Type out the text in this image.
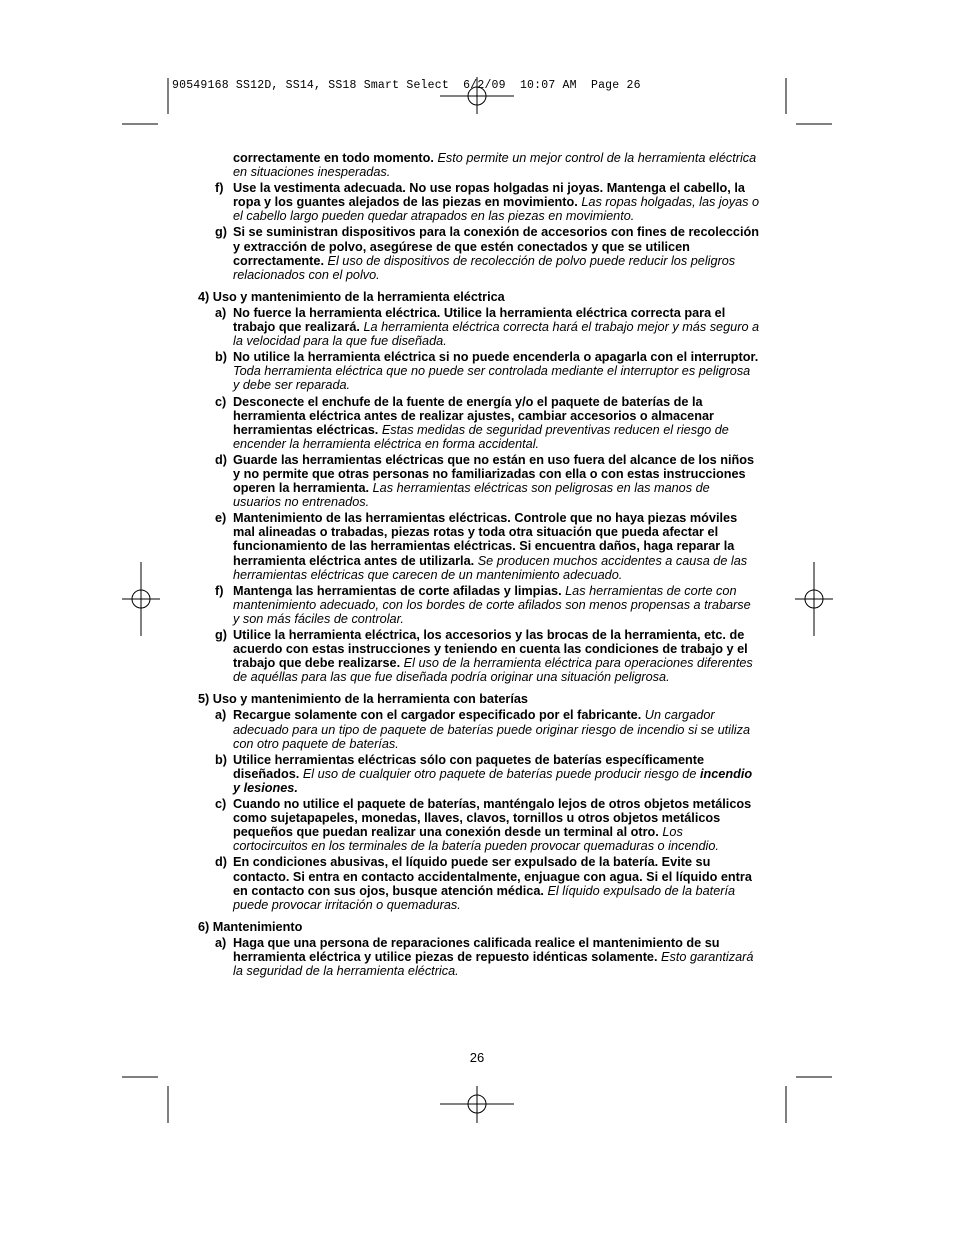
90549168 SS12D, SS14, SS18 Smart Select  6/2/09  10:07 AM  Page 26
correctamente en todo momento. Esto permite un mejor control de la herramienta eléctrica en situaciones inesperadas.
f) Use la vestimenta adecuada. No use ropas holgadas ni joyas. Mantenga el cabello, la ropa y los guantes alejados de las piezas en movimiento. Las ropas holgadas, las joyas o el cabello largo pueden quedar atrapados en las piezas en movimiento.
g) Si se suministran dispositivos para la conexión de accesorios con fines de recolección y extracción de polvo, asegúrese de que estén conectados y que se utilicen correctamente. El uso de dispositivos de recolección de polvo puede reducir los peligros relacionados con el polvo.
4) Uso y mantenimiento de la herramienta eléctrica
a) No fuerce la herramienta eléctrica. Utilice la herramienta eléctrica correcta para el trabajo que realizará. La herramienta eléctrica correcta hará el trabajo mejor y más seguro a la velocidad para la que fue diseñada.
b) No utilice la herramienta eléctrica si no puede encenderla o apagarla con el interruptor. Toda herramienta eléctrica que no puede ser controlada mediante el interruptor es peligrosa y debe ser reparada.
c) Desconecte el enchufe de la fuente de energía y/o el paquete de baterías de la herramienta eléctrica antes de realizar ajustes, cambiar accesorios o almacenar herramientas eléctricas. Estas medidas de seguridad preventivas reducen el riesgo de encender la herramienta eléctrica en forma accidental.
d) Guarde las herramientas eléctricas que no están en uso fuera del alcance de los niños y no permite que otras personas no familiarizadas con ella o con estas instrucciones operen la herramienta. Las herramientas eléctricas son peligrosas en las manos de usuarios no entrenados.
e) Mantenimiento de las herramientas eléctricas. Controle que no haya piezas móviles mal alineadas o trabadas, piezas rotas y toda otra situación que pueda afectar el funcionamiento de las herramientas eléctricas. Si encuentra daños, haga reparar la herramienta eléctrica antes de utilizarla. Se producen muchos accidentes a causa de las herramientas eléctricas que carecen de un mantenimiento adecuado.
f) Mantenga las herramientas de corte afiladas y limpias. Las herramientas de corte con mantenimiento adecuado, con los bordes de corte afilados son menos propensas a trabarse y son más fáciles de controlar.
g) Utilice la herramienta eléctrica, los accesorios y las brocas de la herramienta, etc. de acuerdo con estas instrucciones y teniendo en cuenta las condiciones de trabajo y el trabajo que debe realizarse. El uso de la herramienta eléctrica para operaciones diferentes de aquéllas para las que fue diseñada podría originar una situación peligrosa.
5) Uso y mantenimiento de la herramienta con baterías
a) Recargue solamente con el cargador especificado por el fabricante. Un cargador adecuado para un tipo de paquete de baterías puede originar riesgo de incendio si se utiliza con otro paquete de baterías.
b) Utilice herramientas eléctricas sólo con paquetes de baterías específicamente diseñados. El uso de cualquier otro paquete de baterías puede producir riesgo de incendio y lesiones.
c) Cuando no utilice el paquete de baterías, manténgalo lejos de otros objetos metálicos como sujetapapeles, monedas, llaves, clavos, tornillos u otros objetos metálicos pequeños que puedan realizar una conexión desde un terminal al otro. Los cortocircuitos en los terminales de la batería pueden provocar quemaduras o incendio.
d) En condiciones abusivas, el líquido puede ser expulsado de la batería. Evite su contacto. Si entra en contacto accidentalmente, enjuague con agua. Si el líquido entra en contacto con sus ojos, busque atención médica. El líquido expulsado de la batería puede provocar irritación o quemaduras.
6) Mantenimiento
a) Haga que una persona de reparaciones calificada realice el mantenimiento de su herramienta eléctrica y utilice piezas de repuesto idénticas solamente. Esto garantizará la seguridad de la herramienta eléctrica.
26
